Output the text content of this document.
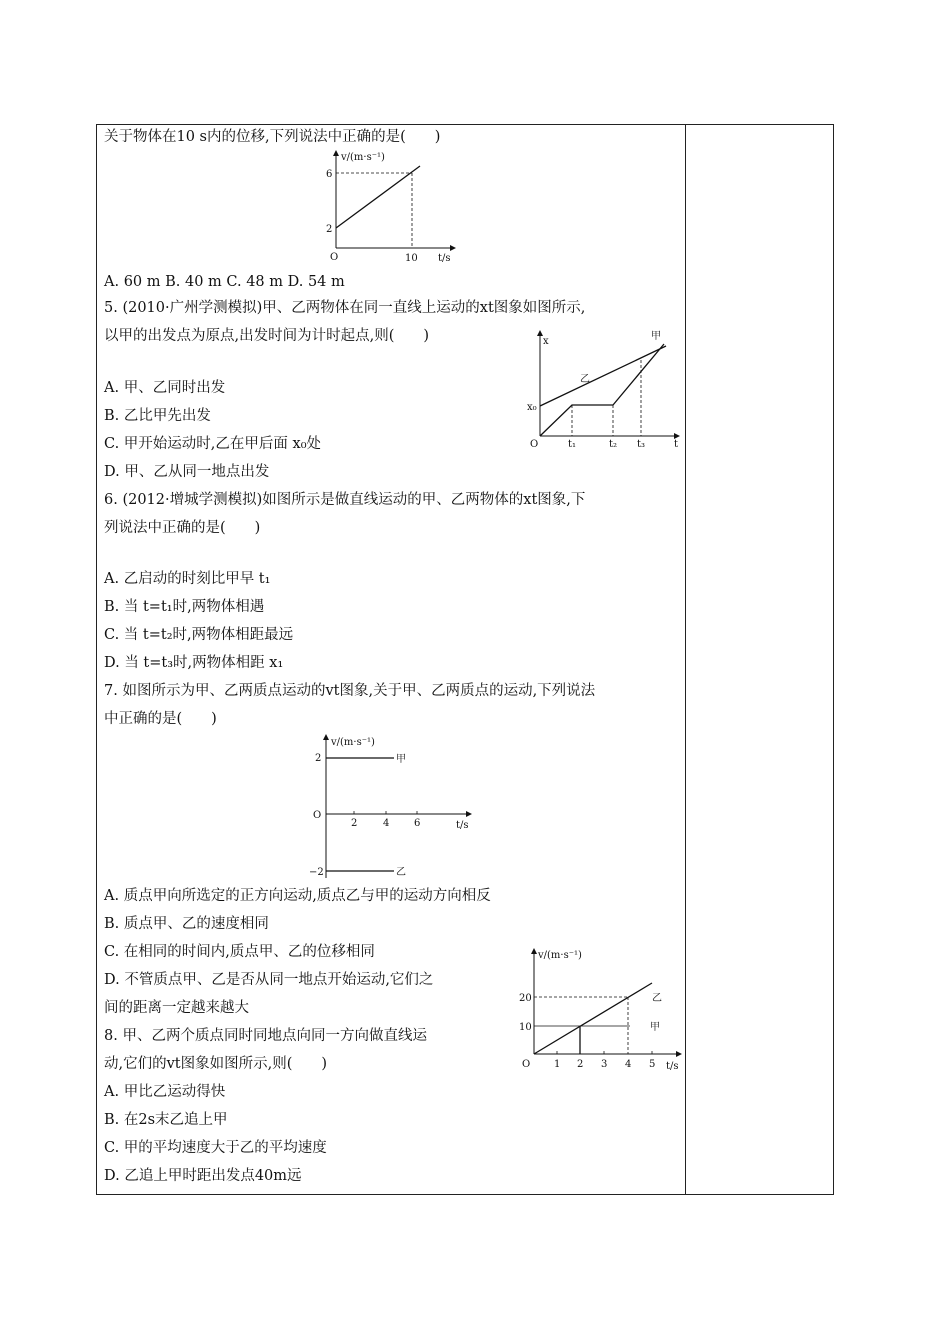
关于物体在10 s内的位移,下列说法中正确的是(　　)
v/(m·s⁻¹)
6
2
O	10 t/s
A. 60 m B. 40 m C. 48 m D. 54 m
5. (2010·广州学测模拟)甲、乙两物体在同一直线上运动的xt图象如图所示,
以甲的出发点为原点,出发时间为计时起点,则(　　)	x	甲
乙
x₀
O	t₁	t₂ t₃	t
A. 甲、乙同时出发
B. 乙比甲先出发
C. 甲开始运动时,乙在甲后面 x₀处
D. 甲、乙从同一地点出发
6. (2012·增城学测模拟)如图所示是做直线运动的甲、乙两物体的xt图象,下
列说法中正确的是(　　)
A. 乙启动的时刻比甲早 t₁
B. 当 t=t₁时,两物体相遇
C. 当 t=t₂时,两物体相距最远
D. 当 t=t₃时,两物体相距 x₁
7. 如图所示为甲、乙两质点运动的vt图象,关于甲、乙两质点的运动,下列说法
中正确的是(　　)
v/(m·s⁻¹)
2
−2
甲
乙
O
2	4 6	t/s
A. 质点甲向所选定的正方向运动,质点乙与甲的运动方向相反
B. 质点甲、乙的速度相同
C. 在相同的时间内,质点甲、乙的位移相同
D. 不管质点甲、乙是否从同一地点开始运动,它们之
间的距离一定越来越大
v/(m·s⁻¹)
20
10
乙
甲
O 1 2 3 4 5 t/s
8. 甲、乙两个质点同时同地点向同一方向做直线运
动,它们的vt图象如图所示,则(　　)
A. 甲比乙运动得快
B. 在2s末乙追上甲
C. 甲的平均速度大于乙的平均速度
D. 乙追上甲时距出发点40m远
